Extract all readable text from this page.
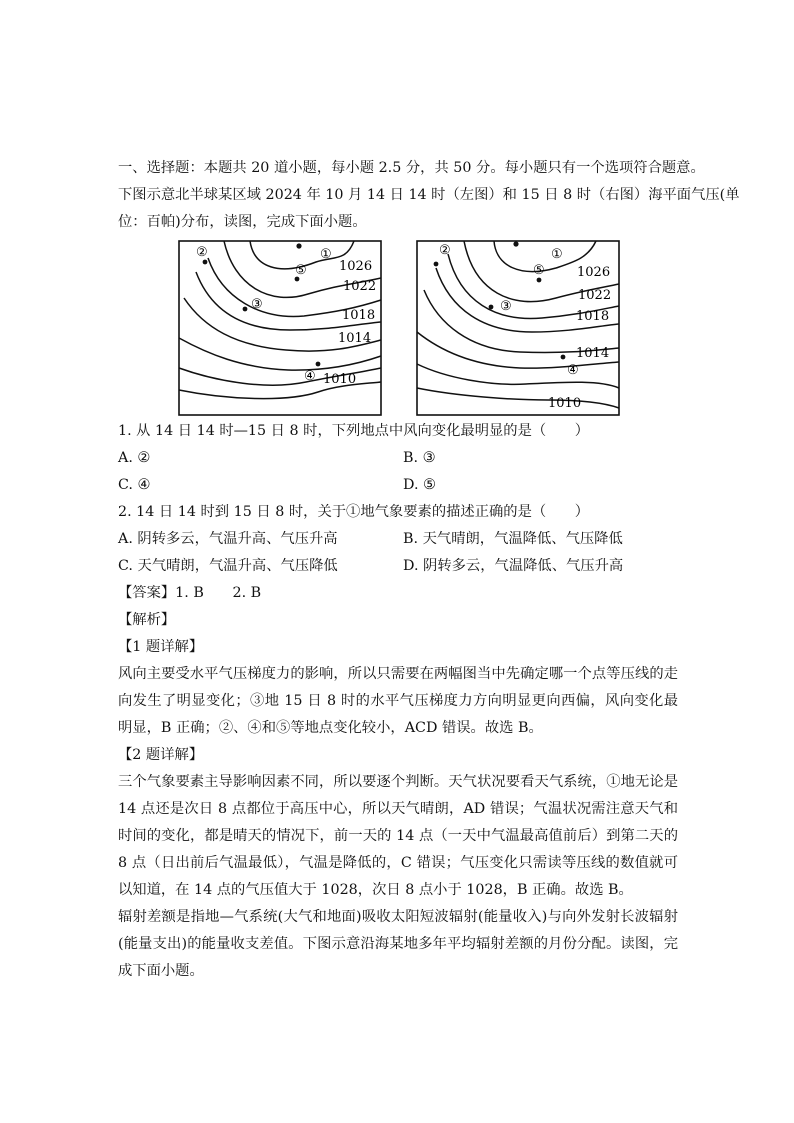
一、选择题：本题共 20 道小题，每小题 2.5 分，共 50 分。每小题只有一个选项符合题意。

下图示意北半球某区域 2024 年 10 月 14 日 14 时（左图）和 15 日 8 时（右图）海平面气压(单

位：百帕)分布，读图，完成下面小题。

①
②
③
④
⑤ 1026
1022
1018
1014
1010
①
②
③
④
⑤ 1026
1022
1018
1014
1010

1. 从 14 日 14 时—15 日 8 时，下列地点中风向变化最明显的是（　　）

A. ②	B. ③
C. ④	D. ⑤

2. 14 日 14 时到 15 日 8 时，关于①地气象要素的描述正确的是（　　）

A. 阴转多云，气温升高、气压升高	B. 天气晴朗，气温降低、气压降低
C. 天气晴朗，气温升高、气压降低	D. 阴转多云，气温降低、气压升高

【答案】1. B　　2. B

【解析】

【1 题详解】

风向主要受水平气压梯度力的影响，所以只需要在两幅图当中先确定哪一个点等压线的走向发生了明显变化；③地 15 日 8 时的水平气压梯度力方向明显更向西偏，风向变化最明显，B 正确；②、④和⑤等地点变化较小，ACD 错误。故选 B。

【2 题详解】

三个气象要素主导影响因素不同，所以要逐个判断。天气状况要看天气系统，①地无论是 14 点还是次日 8 点都位于高压中心，所以天气晴朗，AD 错误；气温状况需注意天气和时间的变化，都是晴天的情况下，前一天的 14 点（一天中气温最高值前后）到第二天的 8 点（日出前后气温最低），气温是降低的，C 错误；气压变化只需读等压线的数值就可以知道，在 14 点的气压值大于 1028，次日 8 点小于 1028，B 正确。故选 B。

辐射差额是指地—气系统(大气和地面)吸收太阳短波辐射(能量收入)与向外发射长波辐射(能量支出)的能量收支差值。下图示意沿海某地多年平均辐射差额的月份分配。读图，完成下面小题。
